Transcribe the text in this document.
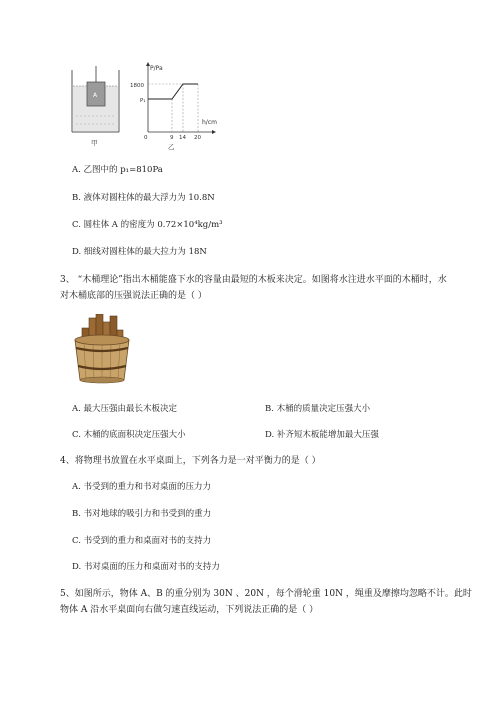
A
甲
P/Pa
h/cm
1800
P₁
0	9 14 20
乙
A. 乙图中的 p₁=810Pa
B. 液体对圆柱体的最大浮力为 10.8N
C. 圆柱体 A 的密度为 0.72×10⁴kg/m³
D. 细线对圆柱体的最大拉力为 18N
3、 “木桶理论”指出木桶能盛下水的容量由最短的木板来决定。如图将水注进水平面的木桶时，水
对木桶底部的压强说法正确的是（ ）
A. 最大压强由最长木板决定	B. 木桶的质量决定压强大小
C. 木桶的底面积决定压强大小	D. 补齐短木板能增加最大压强
4、将物理书放置在水平桌面上，下列各力是一对平衡力的是（ ）
A. 书受到的重力和书对桌面的压力力
B. 书对地球的吸引力和书受到的重力
C. 书受到的重力和桌面对书的支持力
D. 书对桌面的压力和桌面对书的支持力
5、如图所示，物体 A、B 的重分别为 30N 、20N ，每个滑轮重 10N ，绳重及摩擦均忽略不计。此时
物体 A 沿水平桌面向右做匀速直线运动，下列说法正确的是（ ）
